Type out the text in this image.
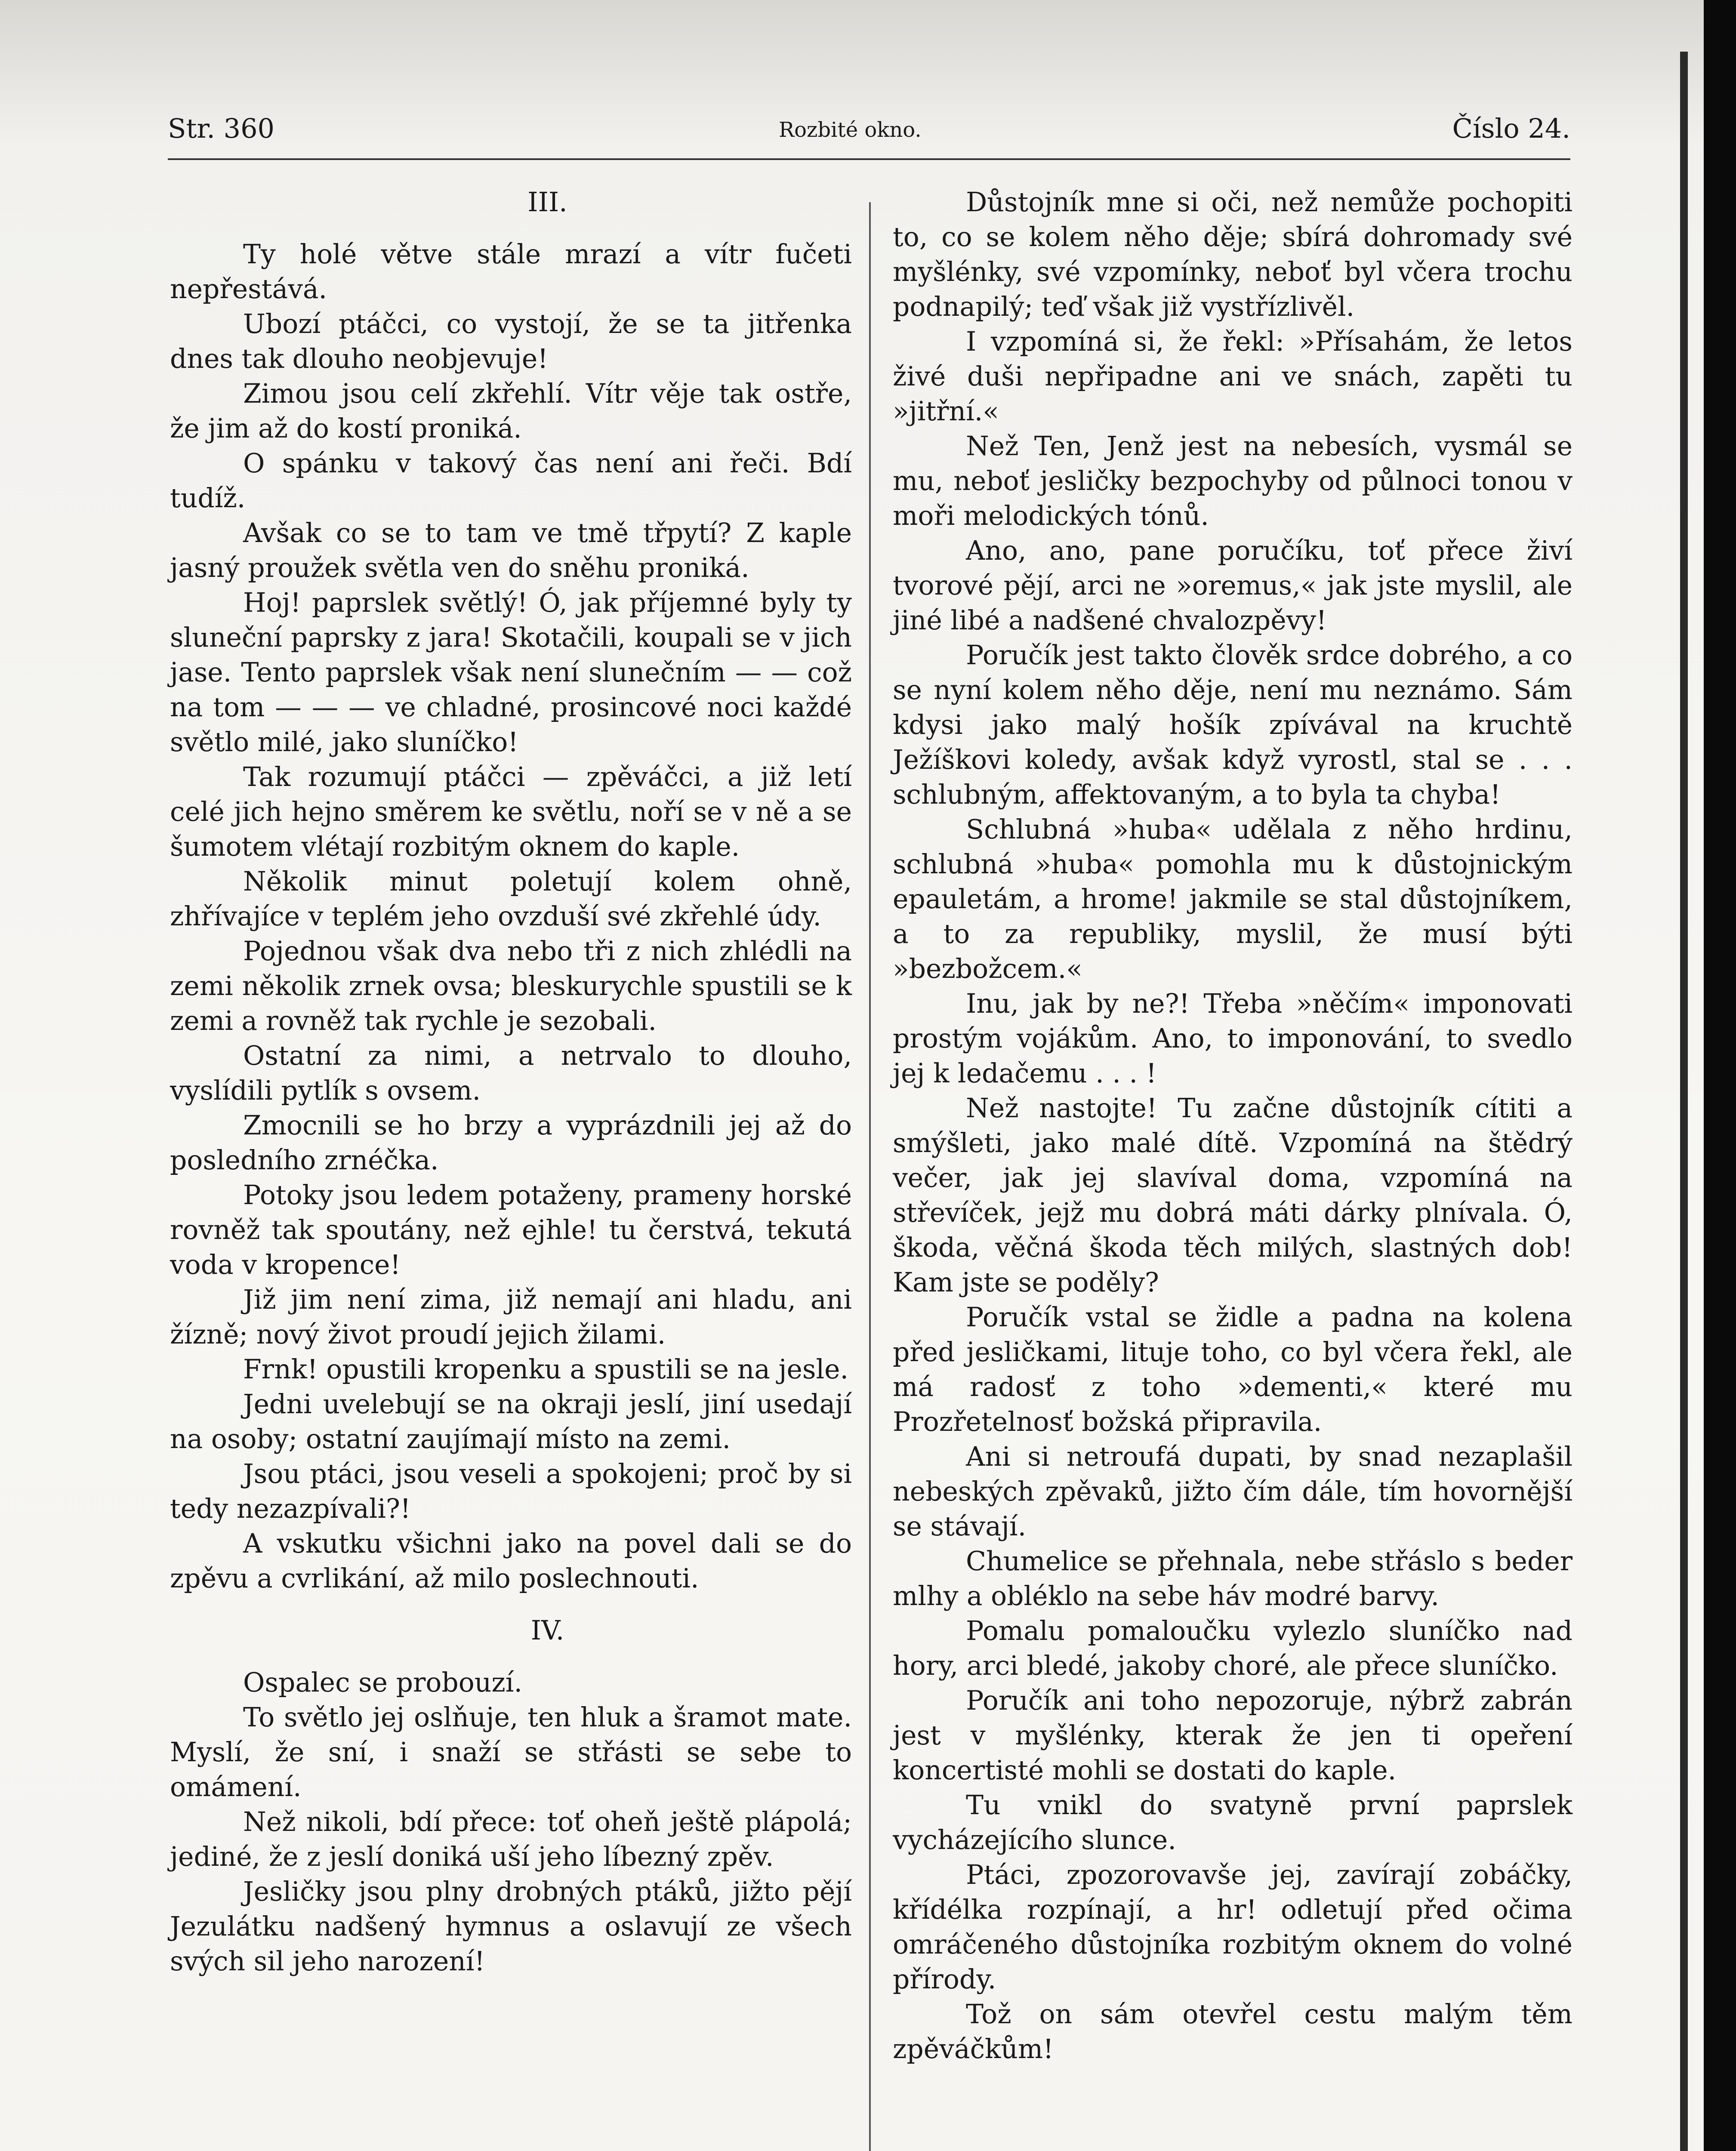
Str. 360	Rozbité okno.	Číslo 24.

III.

Ty holé větve stále mrazí a vítr fučeti nepřestává.

Ubozí ptáčci, co vystojí, že se ta jitřenka dnes tak dlouho neobjevuje!

Zimou jsou celí zkřehlí. Vítr věje tak ostře, že jim až do kostí proniká.

O spánku v takový čas není ani řeči. Bdí tudíž.

Avšak co se to tam ve tmě třpytí? Z kaple jasný proužek světla ven do sněhu proniká.

Hoj! paprslek světlý! Ó, jak příjemné byly ty sluneční paprsky z jara! Skotačili, koupali se v jich jase. Tento paprslek však není slunečním — — což na tom — — — ve chladné, prosincové noci každé světlo milé, jako sluníčko!

Tak rozumují ptáčci — zpěváčci, a již letí celé jich hejno směrem ke světlu, noří se v ně a se šumotem vlétají rozbitým oknem do kaple.

Několik minut poletují kolem ohně, zhřívajíce v teplém jeho ovzduší své zkřehlé údy.

Pojednou však dva nebo tři z nich zhlédli na zemi několik zrnek ovsa; bleskurychle spustili se k zemi a rovněž tak rychle je sezobali.

Ostatní za nimi, a netrvalo to dlouho, vyslídili pytlík s ovsem.

Zmocnili se ho brzy a vyprázdnili jej až do posledního zrnéčka.

Potoky jsou ledem potaženy, prameny horské rovněž tak spoutány, než ejhle! tu čerstvá, tekutá voda v kropence!

Již jim není zima, již nemají ani hladu, ani žízně; nový život proudí jejich žilami.

Frnk! opustili kropenku a spustili se na jesle.

Jedni uvelebují se na okraji jeslí, jiní usedají na osoby; ostatní zaujímají místo na zemi.

Jsou ptáci, jsou veseli a spokojeni; proč by si tedy nezazpívali?!

A vskutku všichni jako na povel dali se do zpěvu a cvrlikání, až milo poslechnouti.

IV.

Ospalec se probouzí.

To světlo jej oslňuje, ten hluk a šramot mate. Myslí, že sní, i snaží se střásti se sebe to omámení.

Než nikoli, bdí přece: toť oheň ještě plápolá; jediné, že z jeslí doniká uší jeho líbezný zpěv.

Jesličky jsou plny drobných ptáků, jižto pějí Jezulátku nadšený hymnus a oslavují ze všech svých sil jeho narození!

Důstojník mne si oči, než nemůže pochopiti to, co se kolem něho děje; sbírá dohromady své myšlénky, své vzpomínky, neboť byl včera trochu podnapilý; teď však již vystřízlivěl.

I vzpomíná si, že řekl: »Přísahám, že letos živé duši nepřipadne ani ve snách, zapěti tu »jitřní.«

Než Ten, Jenž jest na nebesích, vysmál se mu, neboť jesličky bezpochyby od půlnoci tonou v moři melodických tónů.

Ano, ano, pane poručíku, toť přece živí tvorové pějí, arci ne »oremus,« jak jste myslil, ale jiné libé a nadšené chvalozpěvy!

Poručík jest takto člověk srdce dobrého, a co se nyní kolem něho děje, není mu neznámo. Sám kdysi jako malý hošík zpívával na kruchtě Ježíškovi koledy, avšak když vyrostl, stal se . . . schlubným, affektovaným, a to byla ta chyba!

Schlubná »huba« udělala z něho hrdinu, schlubná »huba« pomohla mu k důstojnickým epauletám, a hrome! jakmile se stal důstojníkem, a to za republiky, myslil, že musí býti »bezbožcem.«

Inu, jak by ne?! Třeba »něčím« imponovati prostým vojákům. Ano, to imponování, to svedlo jej k ledačemu . . . !

Než nastojte! Tu začne důstojník cítiti a smýšleti, jako malé dítě. Vzpomíná na štědrý večer, jak jej slavíval doma, vzpomíná na střevíček, jejž mu dobrá máti dárky plnívala. Ó, škoda, věčná škoda těch milých, slastných dob! Kam jste se poděly?

Poručík vstal se židle a padna na kolena před jesličkami, lituje toho, co byl včera řekl, ale má radosť z toho »dementi,« které mu Prozřetelnosť božská připravila.

Ani si netroufá dupati, by snad nezaplašil nebeských zpěvaků, jižto čím dále, tím hovornější se stávají.

Chumelice se přehnala, nebe střáslo s beder mlhy a obléklo na sebe háv modré barvy.

Pomalu pomaloučku vylezlo sluníčko nad hory, arci bledé, jakoby choré, ale přece sluníčko.

Poručík ani toho nepozoruje, nýbrž zabrán jest v myšlénky, kterak že jen ti opeření koncertisté mohli se dostati do kaple.

Tu vnikl do svatyně první paprslek vycházejícího slunce.

Ptáci, zpozorovavše jej, zavírají zobáčky, křídélka rozpínají, a hr! odletují před očima omráčeného důstojníka rozbitým oknem do volné přírody.

Tož on sám otevřel cestu malým těm zpěváčkům!
